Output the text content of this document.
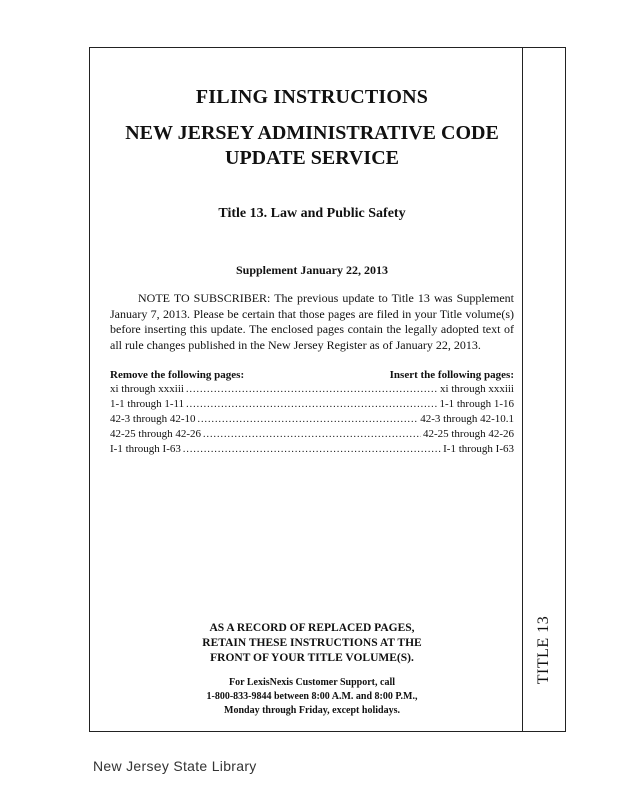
FILING INSTRUCTIONS
NEW JERSEY ADMINISTRATIVE CODE
UPDATE SERVICE
Title 13. Law and Public Safety
Supplement January 22, 2013
NOTE TO SUBSCRIBER: The previous update to Title 13 was Supplement January 7, 2013. Please be certain that those pages are filed in your Title volume(s) before inserting this update. The enclosed pages contain the legally adopted text of all rule changes published in the New Jersey Register as of January 22, 2013.
Remove the following pages:	Insert the following pages:
xi through xxxiii .....	xi through xxxiii
1-1 through 1-11 .....	1-1 through 1-16
42-3 through 42-10 .....	42-3 through 42-10.1
42-25 through 42-26 .....	42-25 through 42-26
I-1 through I-63 .....	I-1 through I-63
AS A RECORD OF REPLACED PAGES,
RETAIN THESE INSTRUCTIONS AT THE
FRONT OF YOUR TITLE VOLUME(S).
For LexisNexis Customer Support, call
1-800-833-9844 between 8:00 A.M. and 8:00 P.M.,
Monday through Friday, except holidays.
TITLE 13
New Jersey State Library
